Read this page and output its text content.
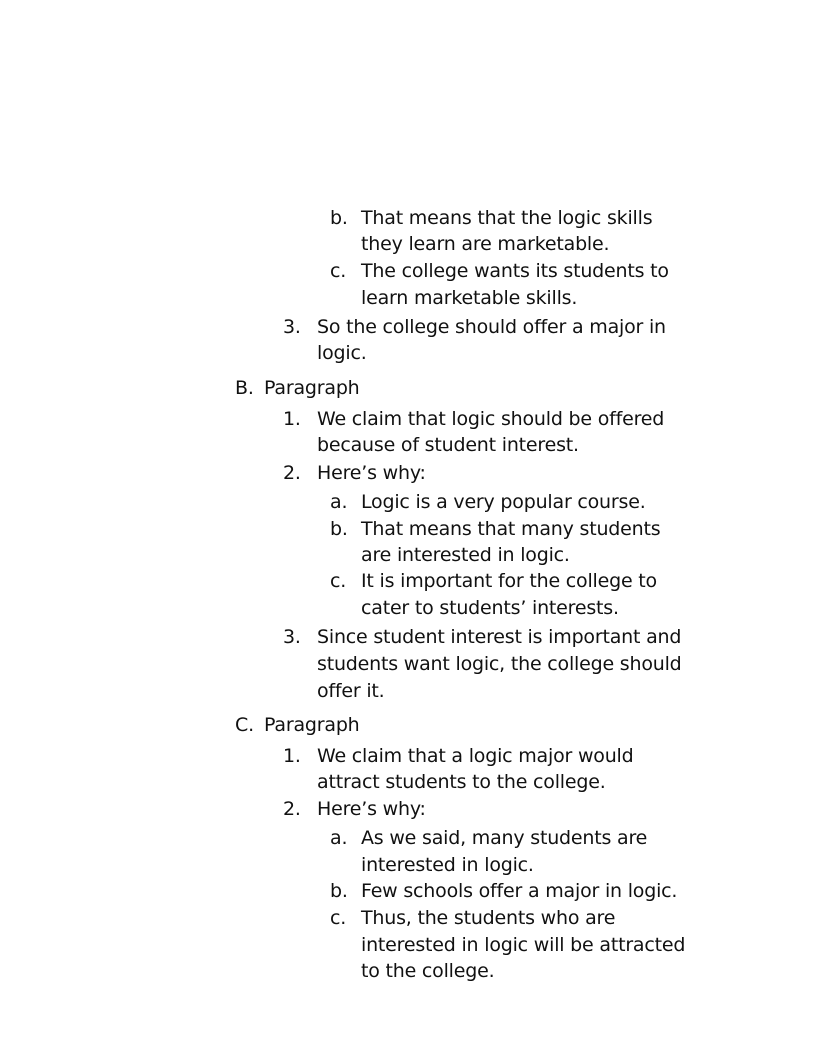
b. That means that the logic skills
they learn are marketable.
c. The college wants its students to
learn marketable skills.
3. So the college should offer a major in
logic.
B. Paragraph
1. We claim that logic should be offered
because of student interest.
2. Here’s why:
a. Logic is a very popular course.
b. That means that many students
are interested in logic.
c. It is important for the college to
cater to students’ interests.
3. Since student interest is important and
students want logic, the college should
offer it.
C. Paragraph
1. We claim that a logic major would
attract students to the college.
2. Here’s why:
a. As we said, many students are
interested in logic.
b. Few schools offer a major in logic.
c. Thus, the students who are
interested in logic will be attracted
to the college.
